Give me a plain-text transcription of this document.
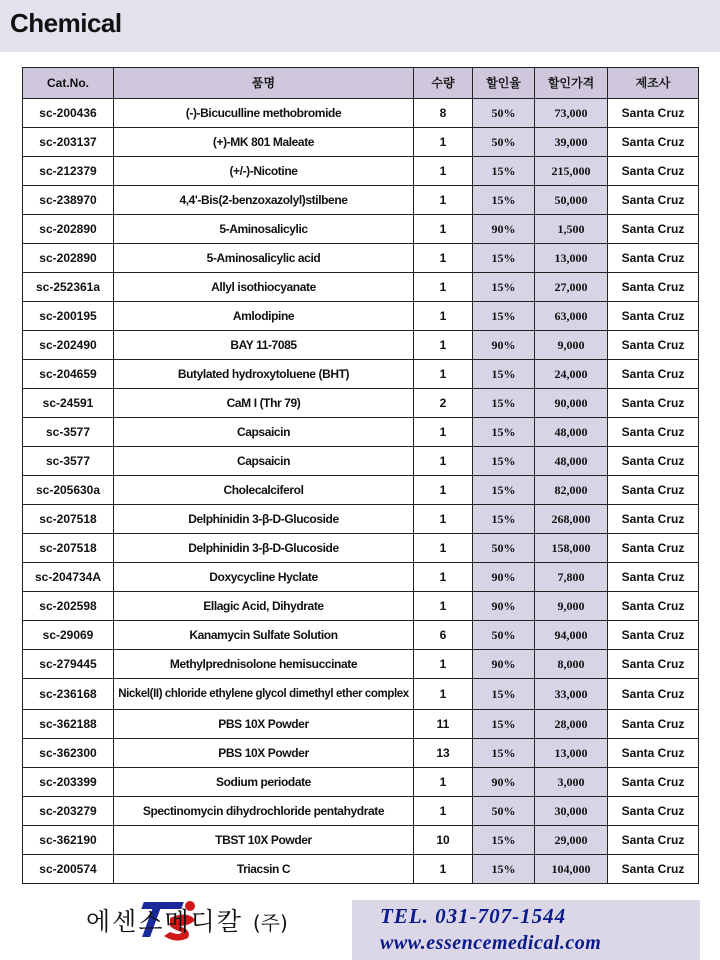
Chemical
Cat.No.	품명	수량	할인율	할인가격	제조사
sc-200436	(-)-Bicuculline methobromide	8	50%	73,000	Santa Cruz
sc-203137	(+)-MK 801 Maleate	1	50%	39,000	Santa Cruz
sc-212379	(+/-)-Nicotine	1	15%	215,000	Santa Cruz
sc-238970	4,4'-Bis(2-benzoxazolyl)stilbene	1	15%	50,000	Santa Cruz
sc-202890	5-Aminosalicylic	1	90%	1,500	Santa Cruz
sc-202890	5-Aminosalicylic acid	1	15%	13,000	Santa Cruz
sc-252361a	Allyl isothiocyanate	1	15%	27,000	Santa Cruz
sc-200195	Amlodipine	1	15%	63,000	Santa Cruz
sc-202490	BAY 11-7085	1	90%	9,000	Santa Cruz
sc-204659	Butylated hydroxytoluene (BHT)	1	15%	24,000	Santa Cruz
sc-24591	CaM I (Thr 79)	2	15%	90,000	Santa Cruz
sc-3577	Capsaicin	1	15%	48,000	Santa Cruz
sc-3577	Capsaicin	1	15%	48,000	Santa Cruz
sc-205630a	Cholecalciferol	1	15%	82,000	Santa Cruz
sc-207518	Delphinidin 3-β-D-Glucoside	1	15%	268,000	Santa Cruz
sc-207518	Delphinidin 3-β-D-Glucoside	1	50%	158,000	Santa Cruz
sc-204734A	Doxycycline Hyclate	1	90%	7,800	Santa Cruz
sc-202598	Ellagic Acid, Dihydrate	1	90%	9,000	Santa Cruz
sc-29069	Kanamycin Sulfate Solution	6	50%	94,000	Santa Cruz
sc-279445	Methylprednisolone hemisuccinate	1	90%	8,000	Santa Cruz
sc-236168	Nickel(II) chloride ethylene glycol dimethyl ether complex	1	15%	33,000	Santa Cruz
sc-362188	PBS 10X Powder	11	15%	28,000	Santa Cruz
sc-362300	PBS 10X Powder	13	15%	13,000	Santa Cruz
sc-203399	Sodium periodate	1	90%	3,000	Santa Cruz
sc-203279	Spectinomycin dihydrochloride pentahydrate	1	50%	30,000	Santa Cruz
sc-362190	TBST 10X Powder	10	15%	29,000	Santa Cruz
sc-200574	Triacsin C	1	15%	104,000	Santa Cruz
에센스메디칼 (주)	TEL. 031-707-1544
www.essencemedical.com
